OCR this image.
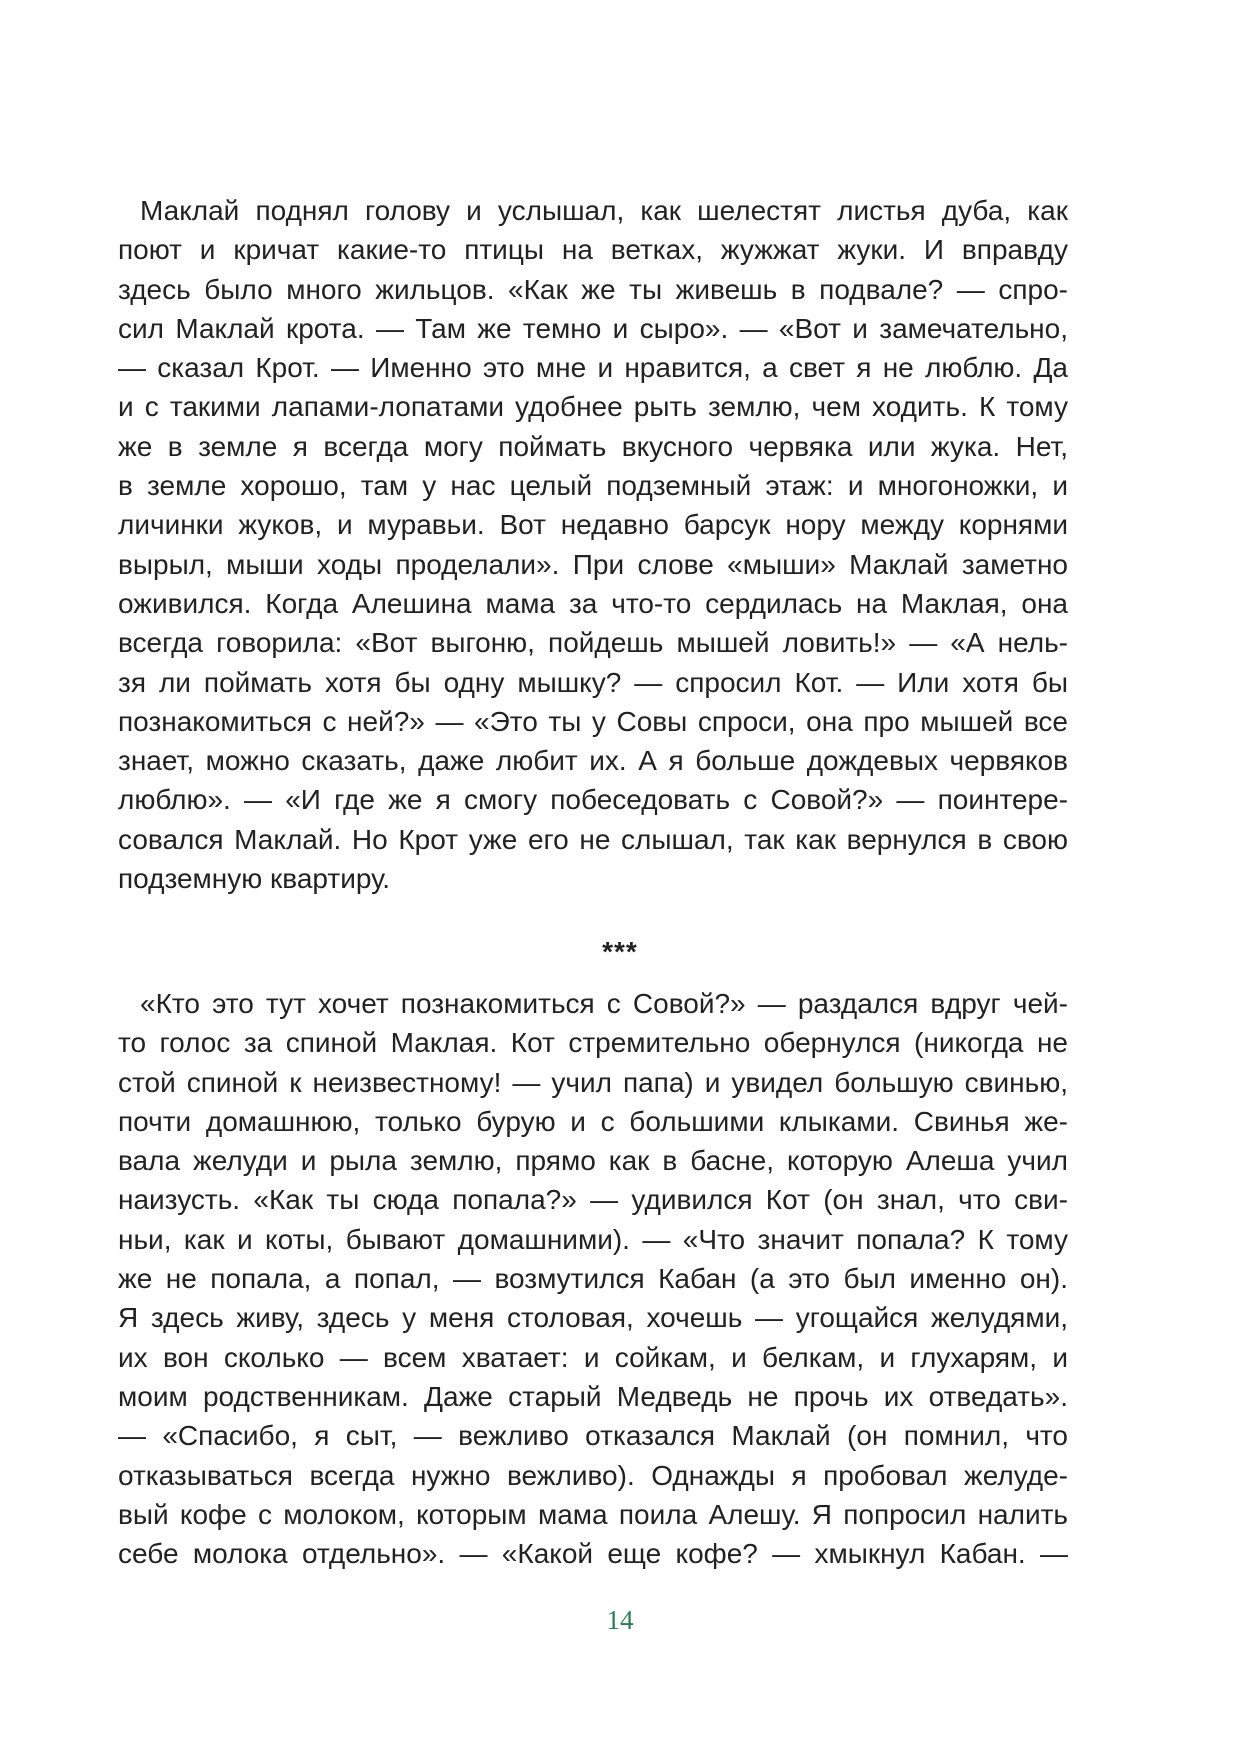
Маклай поднял голову и услышал, как шелестят листья дуба, как
поют и кричат какие-то птицы на ветках, жужжат жуки. И вправду
здесь было много жильцов. «Как же ты живешь в подвале? — спро-
сил Маклай крота. — Там же темно и сыро». — «Вот и замечательно,
— сказал Крот. — Именно это мне и нравится, а свет я не люблю. Да
и с такими лапами-лопатами удобнее рыть землю, чем ходить. К тому
же в земле я всегда могу поймать вкусного червяка или жука. Нет,
в земле хорошо, там у нас целый подземный этаж: и многоножки, и
личинки жуков, и муравьи. Вот недавно барсук нору между корнями
вырыл, мыши ходы проделали». При слове «мыши» Маклай заметно
оживился. Когда Алешина мама за что-то сердилась на Маклая, она
всегда говорила: «Вот выгоню, пойдешь мышей ловить!» — «А нель-
зя ли поймать хотя бы одну мышку? — спросил Кот. — Или хотя бы
познакомиться с ней?» — «Это ты у Совы спроси, она про мышей все
знает, можно сказать, даже любит их. А я больше дождевых червяков
люблю». — «И где же я смогу побеседовать с Совой?» — поинтере-
совался Маклай. Но Крот уже его не слышал, так как вернулся в свою
подземную квартиру.
***
«Кто это тут хочет познакомиться с Совой?» — раздался вдруг чей-
то голос за спиной Маклая. Кот стремительно обернулся (никогда не
стой спиной к неизвестному! — учил папа) и увидел большую свинью,
почти домашнюю, только бурую и с большими клыками. Свинья же-
вала желуди и рыла землю, прямо как в басне, которую Алеша учил
наизусть. «Как ты сюда попала?» — удивился Кот (он знал, что сви-
ньи, как и коты, бывают домашними). — «Что значит попала? К тому
же не попала, а попал, — возмутился Кабан (а это был именно он).
Я здесь живу, здесь у меня столовая, хочешь — угощайся желудями,
их вон сколько — всем хватает: и сойкам, и белкам, и глухарям, и
моим родственникам. Даже старый Медведь не прочь их отведать».
— «Спасибо, я сыт, — вежливо отказался Маклай (он помнил, что
отказываться всегда нужно вежливо). Однажды я пробовал желуде-
вый кофе с молоком, которым мама поила Алешу. Я попросил налить
себе молока отдельно». — «Какой еще кофе? — хмыкнул Кабан. —
14
